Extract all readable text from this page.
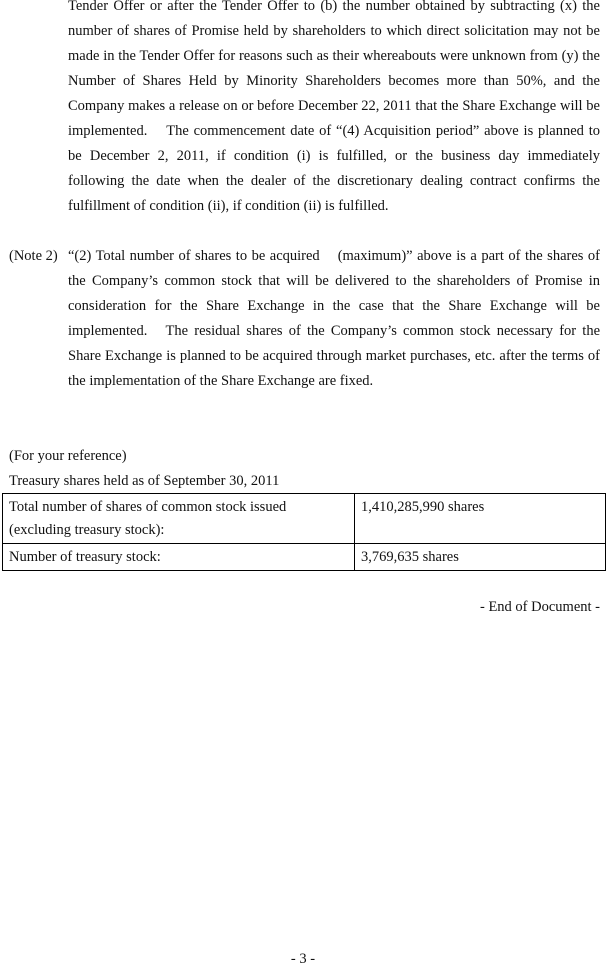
Tender Offer or after the Tender Offer to (b) the number obtained by subtracting (x) the number of shares of Promise held by shareholders to which direct solicitation may not be made in the Tender Offer for reasons such as their whereabouts were unknown from (y) the Number of Shares Held by Minority Shareholders becomes more than 50%, and the Company makes a release on or before December 22, 2011 that the Share Exchange will be implemented.    The commencement date of “(4) Acquisition period” above is planned to be December 2, 2011, if condition (i) is fulfilled, or the business day immediately following the date when the dealer of the discretionary dealing contract confirms the fulfillment of condition (ii), if condition (ii) is fulfilled.
(Note 2) “(2) Total number of shares to be acquired    (maximum)” above is a part of the shares of the Company’s common stock that will be delivered to the shareholders of Promise in consideration for the Share Exchange in the case that the Share Exchange will be implemented.   The residual shares of the Company’s common stock necessary for the Share Exchange is planned to be acquired through market purchases, etc. after the terms of the implementation of the Share Exchange are fixed.
(For your reference)
Treasury shares held as of September 30, 2011
Total number of shares of common stock issued
(excluding treasury stock):	1,410,285,990 shares
Number of treasury stock:	3,769,635 shares
- End of Document -
- 3 -
